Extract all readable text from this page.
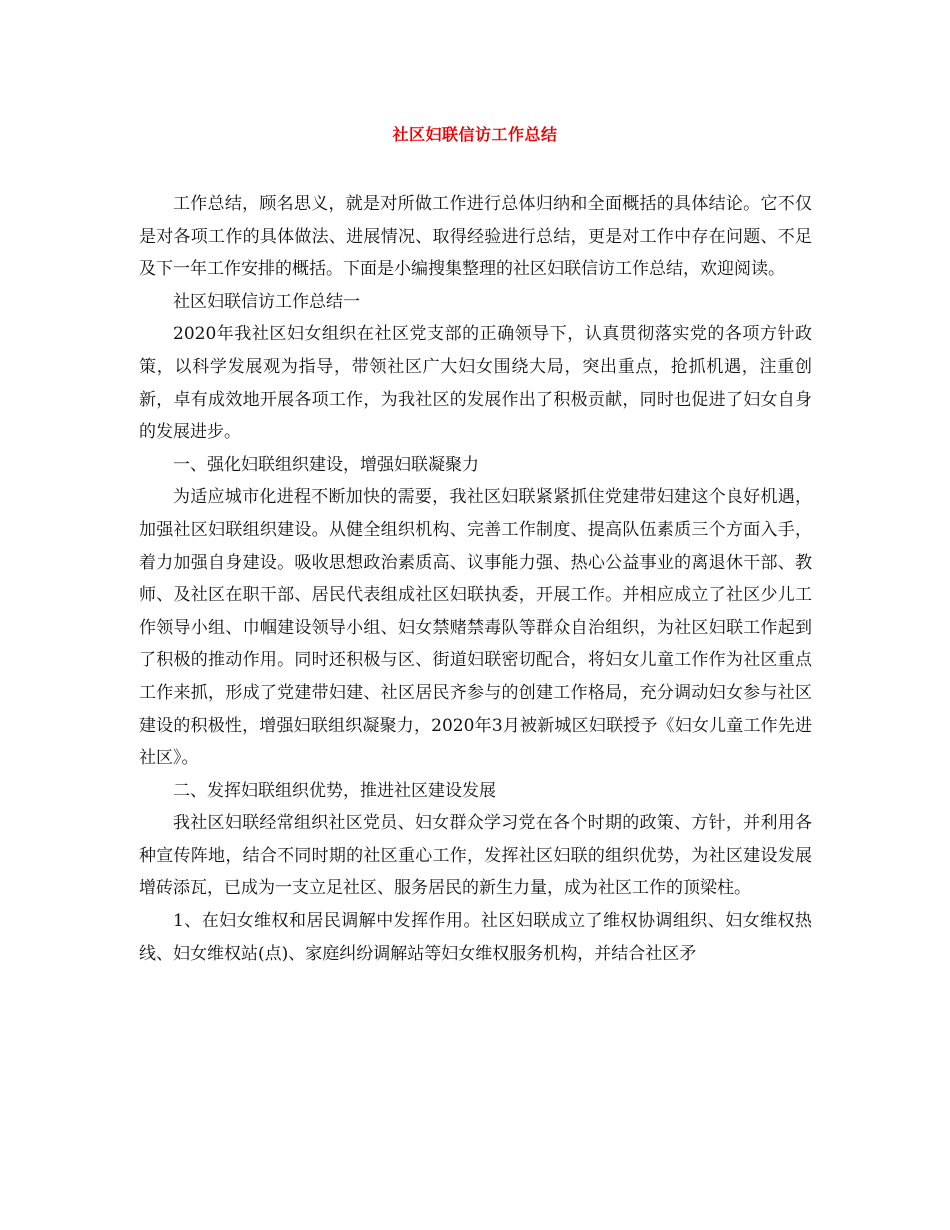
社区妇联信访工作总结

工作总结，顾名思义，就是对所做工作进行总体归纳和全面概括的具体结论。它不仅是对各项工作的具体做法、进展情况、取得经验进行总结，更是对工作中存在问题、不足及下一年工作安排的概括。下面是小编搜集整理的社区妇联信访工作总结，欢迎阅读。

社区妇联信访工作总结一

2020年我社区妇女组织在社区党支部的正确领导下，认真贯彻落实党的各项方针政策，以科学发展观为指导，带领社区广大妇女围绕大局，突出重点，抢抓机遇，注重创新，卓有成效地开展各项工作，为我社区的发展作出了积极贡献，同时也促进了妇女自身的发展进步。

一、强化妇联组织建设，增强妇联凝聚力

为适应城市化进程不断加快的需要，我社区妇联紧紧抓住党建带妇建这个良好机遇，加强社区妇联组织建设。从健全组织机构、完善工作制度、提高队伍素质三个方面入手，着力加强自身建设。吸收思想政治素质高、议事能力强、热心公益事业的离退休干部、教师、及社区在职干部、居民代表组成社区妇联执委，开展工作。并相应成立了社区少儿工作领导小组、巾帼建设领导小组、妇女禁赌禁毒队等群众自治组织，为社区妇联工作起到了积极的推动作用。同时还积极与区、街道妇联密切配合，将妇女儿童工作作为社区重点工作来抓，形成了党建带妇建、社区居民齐参与的创建工作格局，充分调动妇女参与社区建设的积极性，增强妇联组织凝聚力，2020年3月被新城区妇联授予《妇女儿童工作先进社区》。

二、发挥妇联组织优势，推进社区建设发展

我社区妇联经常组织社区党员、妇女群众学习党在各个时期的政策、方针，并利用各种宣传阵地，结合不同时期的社区重心工作，发挥社区妇联的组织优势，为社区建设发展增砖添瓦，已成为一支立足社区、服务居民的新生力量，成为社区工作的顶梁柱。

1、在妇女维权和居民调解中发挥作用。社区妇联成立了维权协调组织、妇女维权热线、妇女维权站(点)、家庭纠纷调解站等妇女维权服务机构，并结合社区矛
